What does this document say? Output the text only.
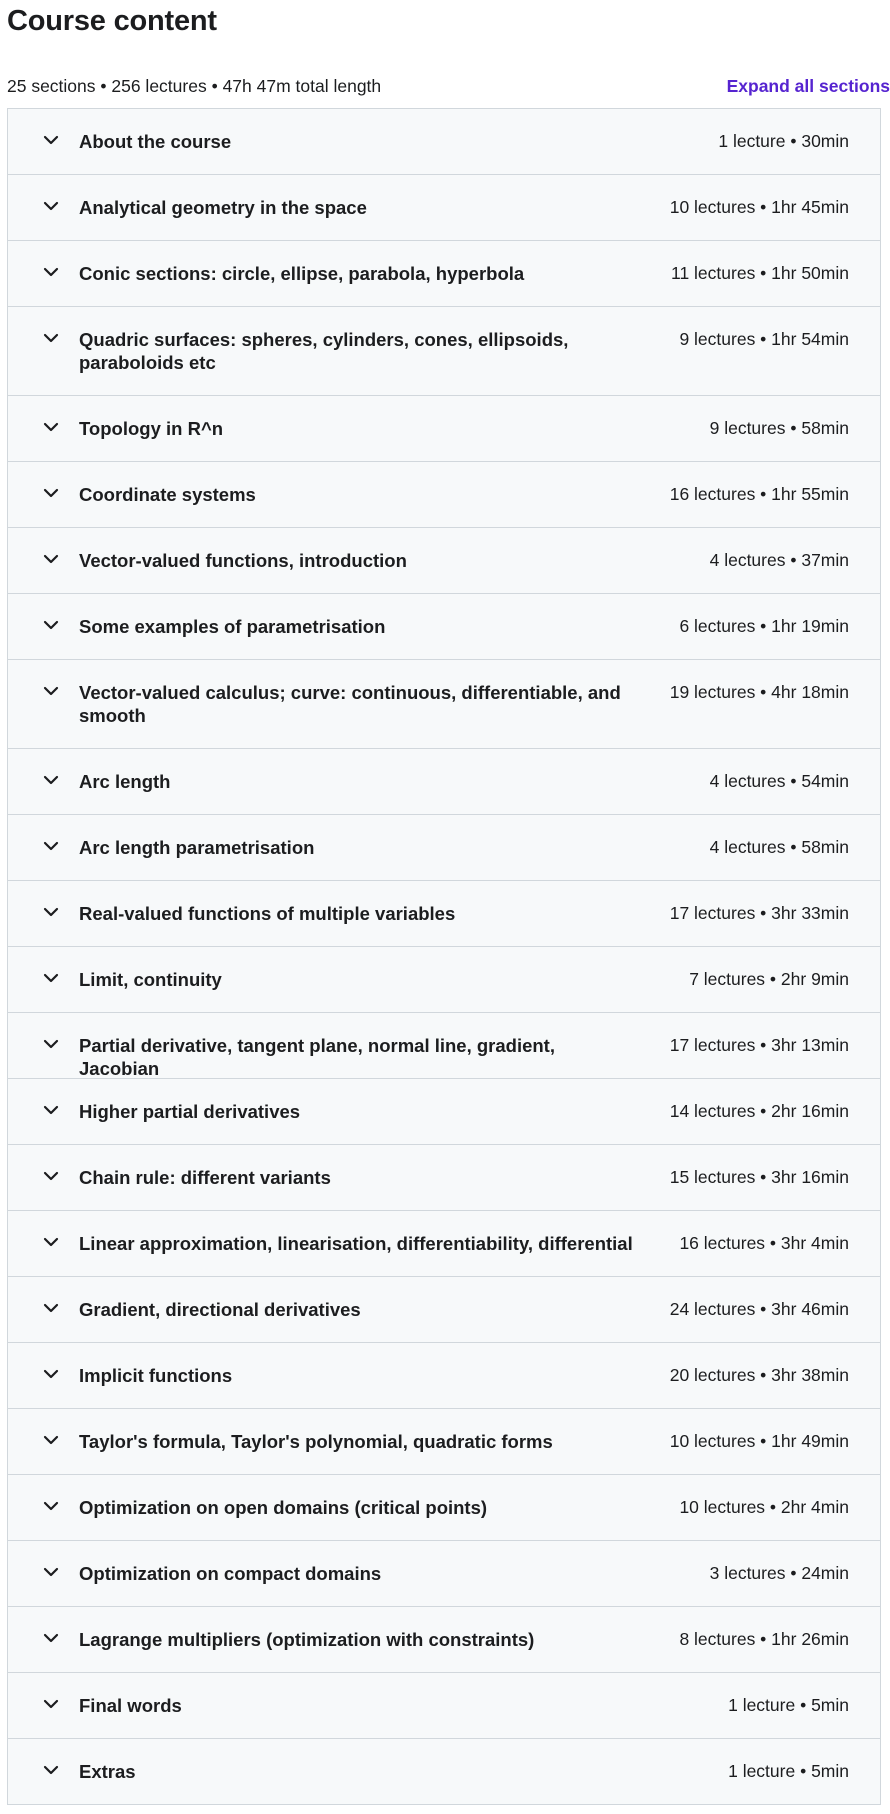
Course content
25 sections • 256 lectures • 47h 47m total length	Expand all sections
About the course	1 lecture • 30min
Analytical geometry in the space	10 lectures • 1hr 45min
Conic sections: circle, ellipse, parabola, hyperbola	11 lectures • 1hr 50min
Quadric surfaces: spheres, cylinders, cones, ellipsoids, paraboloids etc
9 lectures • 1hr 54min
Topology in R^n	9 lectures • 58min
Coordinate systems	16 lectures • 1hr 55min
Vector-valued functions, introduction	4 lectures • 37min
Some examples of parametrisation	6 lectures • 1hr 19min
Vector-valued calculus; curve: continuous, differentiable, and smooth
19 lectures • 4hr 18min
Arc length	4 lectures • 54min
Arc length parametrisation	4 lectures • 58min
Real-valued functions of multiple variables	17 lectures • 3hr 33min
Limit, continuity	7 lectures • 2hr 9min
Partial derivative, tangent plane, normal line, gradient, Jacobian
17 lectures • 3hr 13min
Higher partial derivatives	14 lectures • 2hr 16min
Chain rule: different variants	15 lectures • 3hr 16min
Linear approximation, linearisation, differentiability, differential	16 lectures • 3hr 4min
Gradient, directional derivatives	24 lectures • 3hr 46min
Implicit functions	20 lectures • 3hr 38min
Taylor's formula, Taylor's polynomial, quadratic forms	10 lectures • 1hr 49min
Optimization on open domains (critical points)	10 lectures • 2hr 4min
Optimization on compact domains	3 lectures • 24min
Lagrange multipliers (optimization with constraints)	8 lectures • 1hr 26min
Final words	1 lecture • 5min
Extras	1 lecture • 5min
